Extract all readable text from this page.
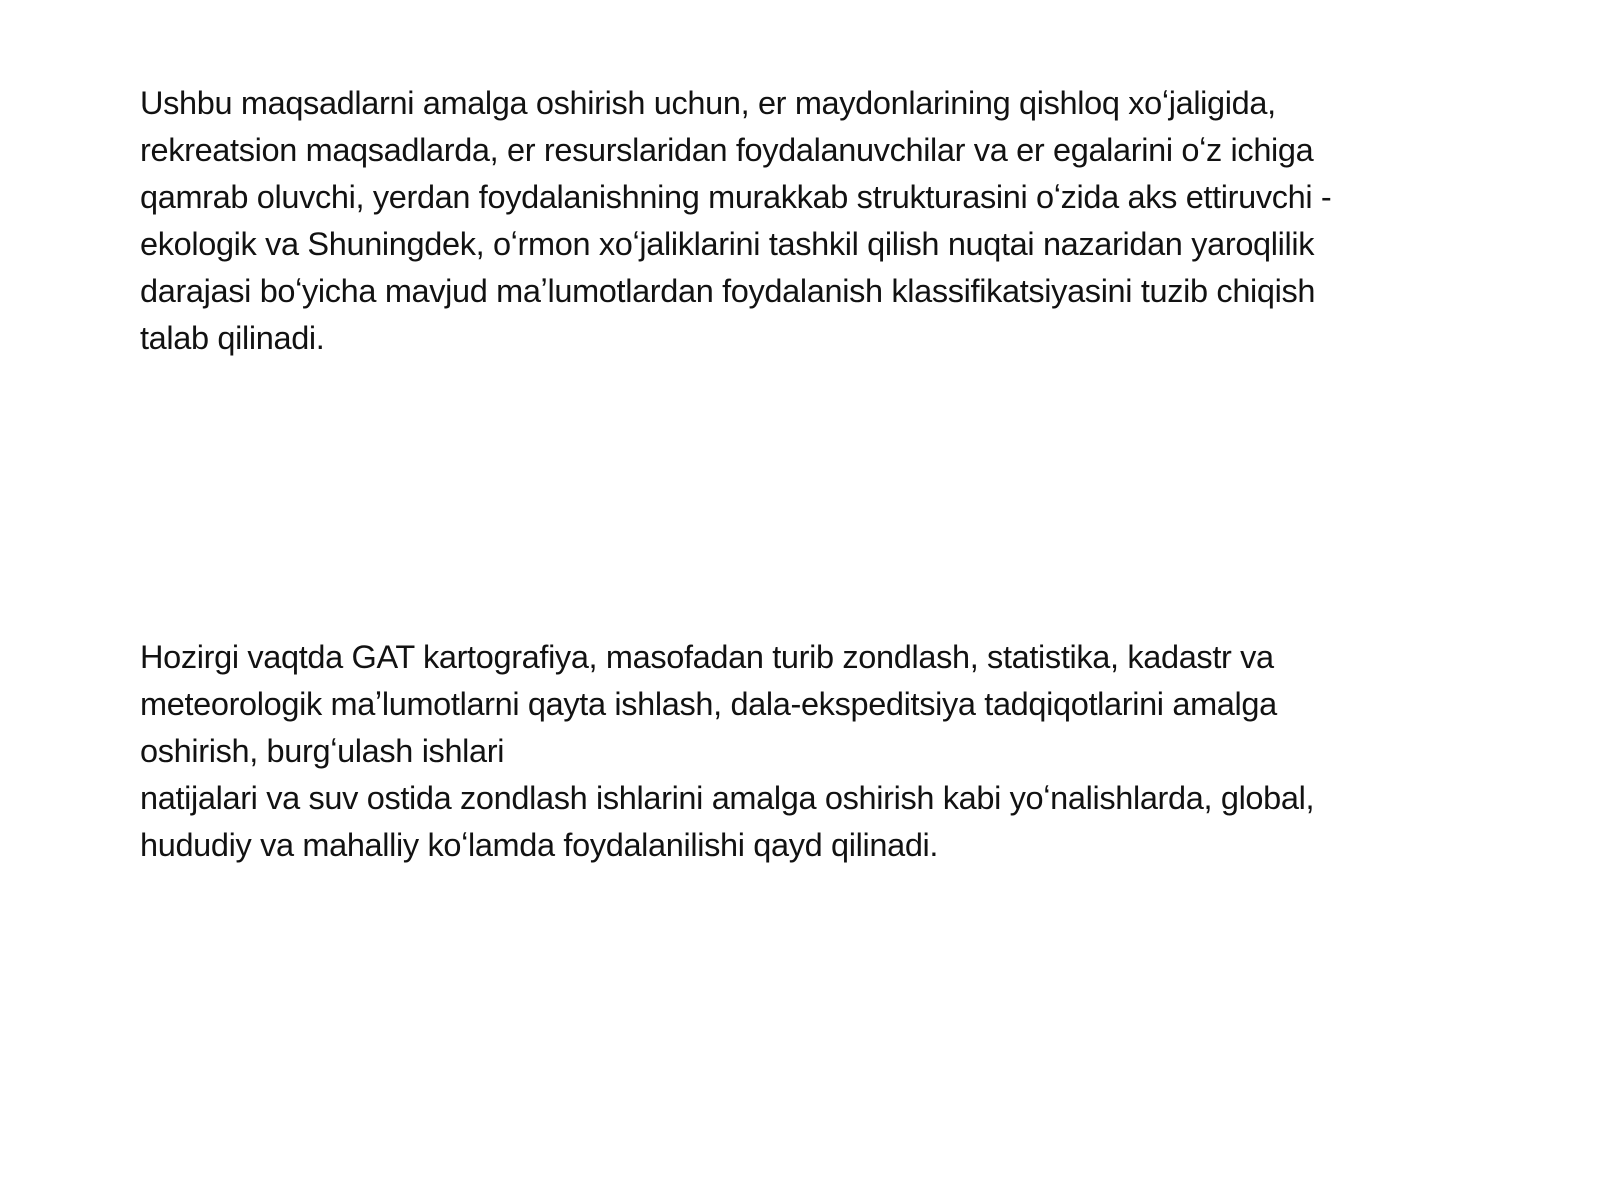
Ushbu maqsadlarni amalga oshirish uchun, er maydonlarining qishloq xoʻjaligida,
rekreatsion maqsadlarda, er resurslaridan foydalanuvchilar va er egalarini oʻz ichiga
qamrab oluvchi, yerdan foydalanishning murakkab strukturasini oʻzida aks ettiruvchi -
ekologik va Shuningdek, oʻrmon xoʻjaliklarini tashkil qilish nuqtai nazaridan yaroqlilik
darajasi boʻyicha mavjud maʼlumotlardan foydalanish klassifikatsiyasini tuzib chiqish
talab qilinadi.
Hozirgi vaqtda GAT kartografiya, masofadan turib zondlash, statistika, kadastr va
meteorologik maʼlumotlarni qayta ishlash, dala-ekspeditsiya tadqiqotlarini amalga
oshirish, burgʻulash ishlari
natijalari va suv ostida zondlash ishlarini amalga oshirish kabi yoʻnalishlarda, global,
hududiy va mahalliy koʻlamda foydalanilishi qayd qilinadi.
